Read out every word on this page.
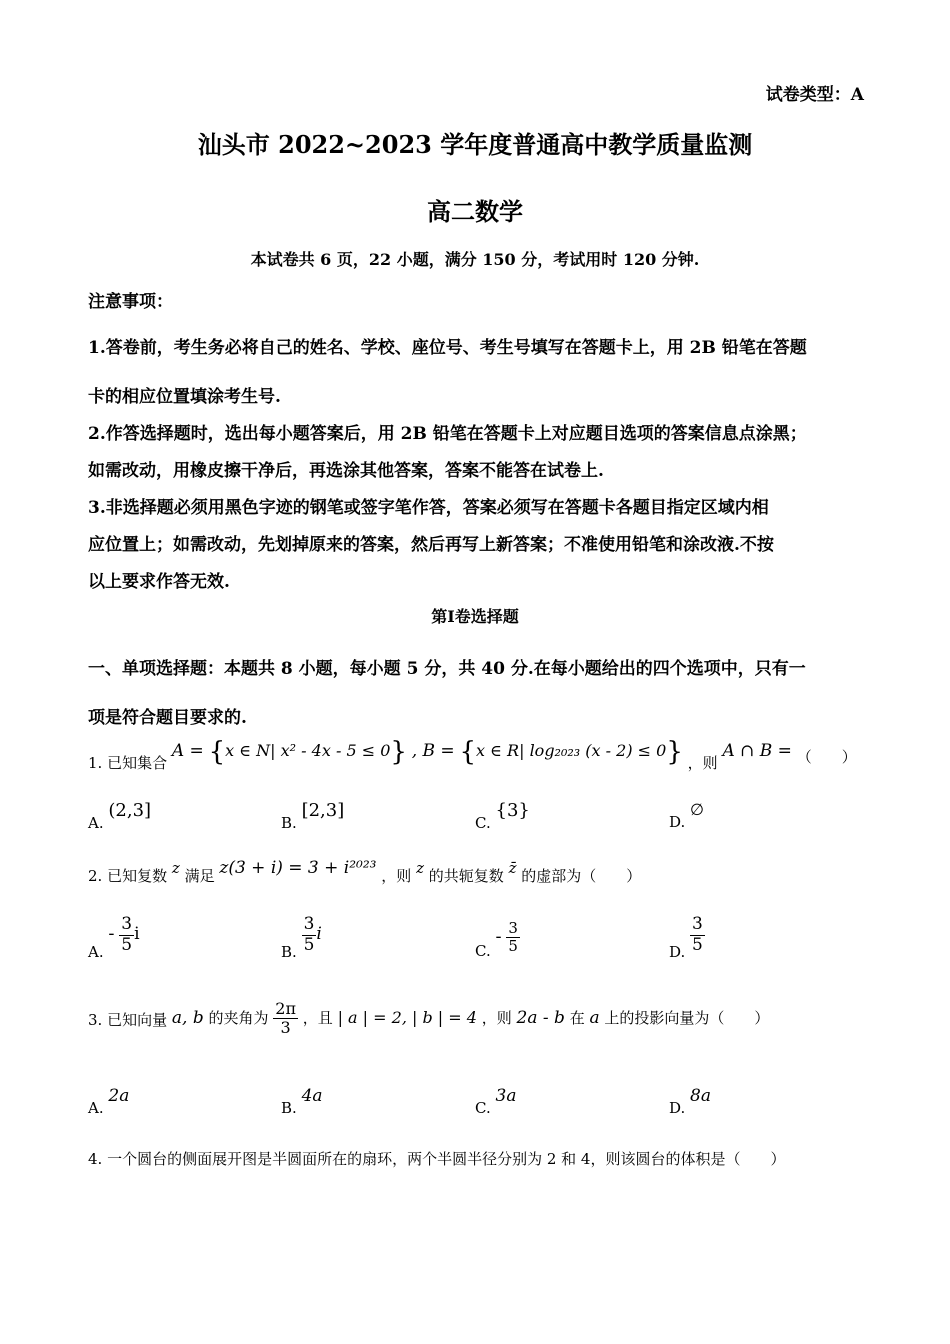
试卷类型：A
汕头市 2022~2023 学年度普通高中教学质量监测
高二数学
本试卷共 6 页，22 小题，满分 150 分，考试用时 120 分钟.
注意事项：
1.答卷前，考生务必将自己的姓名、学校、座位号、考生号填写在答题卡上，用 2B 铅笔在答题
卡的相应位置填涂考生号.
2.作答选择题时，选出每小题答案后，用 2B 铅笔在答题卡上对应题目选项的答案信息点涂黑；
如需改动，用橡皮擦干净后，再选涂其他答案，答案不能答在试卷上.
3.非选择题必须用黑色字迹的钢笔或签字笔作答，答案必须写在答题卡各题目指定区域内相
应位置上；如需改动，先划掉原来的答案，然后再写上新答案；不准使用铅笔和涂改液.不按
以上要求作答无效.
第Ⅰ卷选择题
一、单项选择题：本题共 8 小题，每小题 5 分，共 40 分.在每小题给出的四个选项中，只有一
项是符合题目要求的.
1. 已知集合 A = {x ∈ N| x² - 4x - 5 ≤ 0} , B = {x ∈ R| log₂₀₂₃ (x - 2) ≤ 0} ，则 A ∩ B = （　　）
A. (2,3]
B. [2,3]
C. {3}
D. ∅
2. 已知复数 z 满足 z(3 + i) = 3 + i²⁰²³ ，则 z 的共轭复数 z̄ 的虚部为（　　）
A. - $\frac{3}{5}$ i
B. $\frac{3}{5}$ i
C. - $\frac{3}{5}$	D. $\frac{3}{5}$
3. 已知向量 a, b 的夹角为 $\frac{2\pi}{3}$ ，且 | a | = 2, | b | = 4 ，则 2a - b 在 a 上的投影向量为（　　）
A. 2a
B. 4a
C. 3a
D. 8a
4. 一个圆台的侧面展开图是半圆面所在的扇环，两个半圆半径分别为 2 和 4，则该圆台的体积是（　　）
